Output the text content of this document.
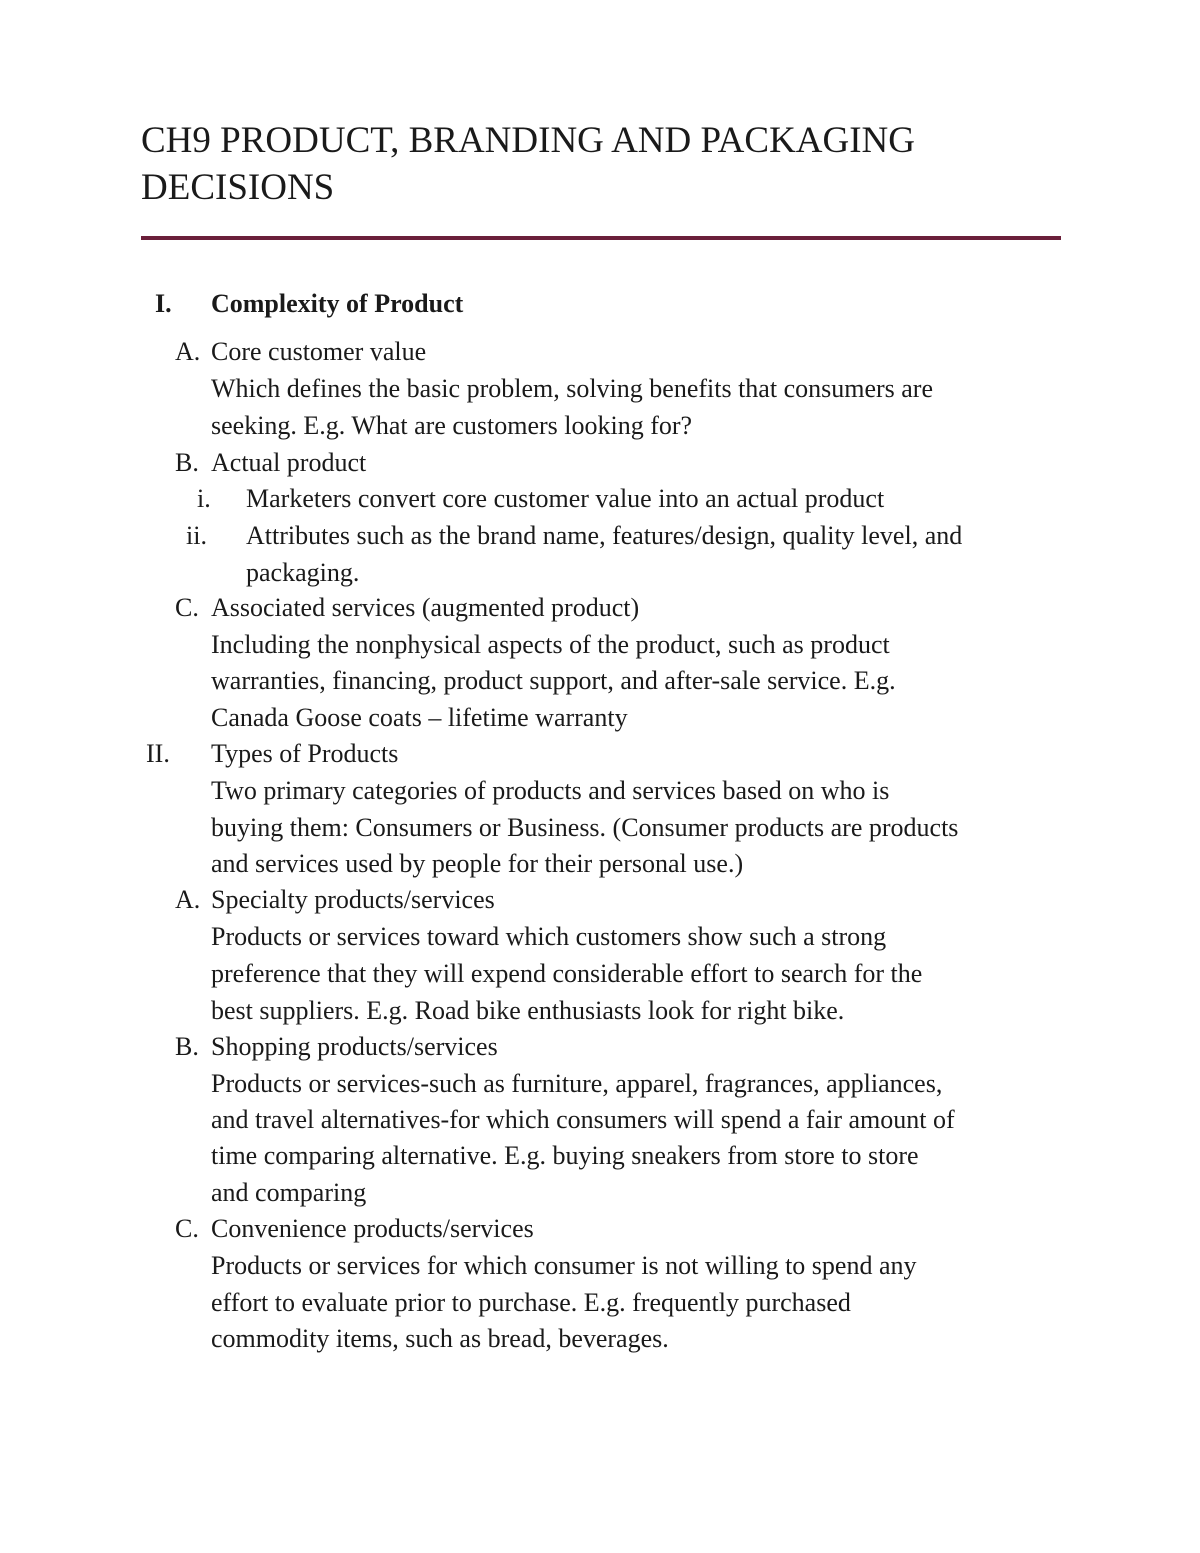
CH9 PRODUCT, BRANDING AND PACKAGING DECISIONS
I. Complexity of Product
A. Core customer value
Which defines the basic problem, solving benefits that consumers are
seeking. E.g. What are customers looking for?
B. Actual product
i. Marketers convert core customer value into an actual product
ii. Attributes such as the brand name, features/design, quality level, and
packaging.
C. Associated services (augmented product)
Including the nonphysical aspects of the product, such as product
warranties, financing, product support, and after-sale service. E.g.
Canada Goose coats – lifetime warranty
II. Types of Products
Two primary categories of products and services based on who is
buying them: Consumers or Business. (Consumer products are products
and services used by people for their personal use.)
A. Specialty products/services
Products or services toward which customers show such a strong
preference that they will expend considerable effort to search for the
best suppliers. E.g. Road bike enthusiasts look for right bike.
B. Shopping products/services
Products or services-such as furniture, apparel, fragrances, appliances,
and travel alternatives-for which consumers will spend a fair amount of
time comparing alternative. E.g. buying sneakers from store to store
and comparing
C. Convenience products/services
Products or services for which consumer is not willing to spend any
effort to evaluate prior to purchase. E.g. frequently purchased
commodity items, such as bread, beverages.
